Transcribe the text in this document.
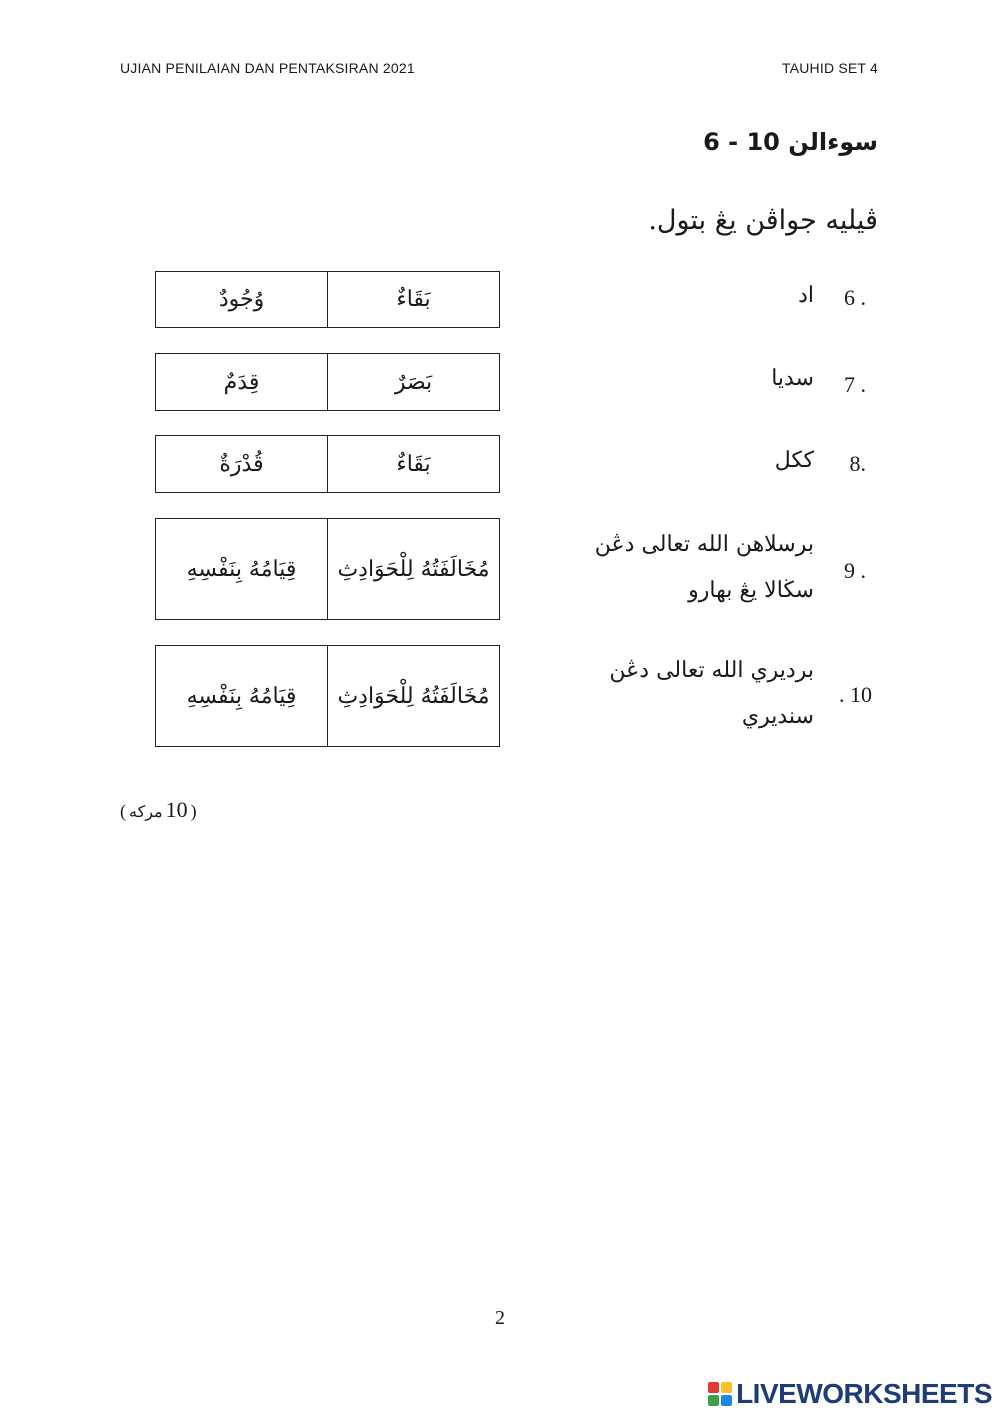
UJIAN PENILAIAN DAN PENTAKSIRAN 2021	TAUHID SET 4
سوءالن 10 - 6
ڤيليه جواڤن يڠ بتول.
6 .
اد
وُجُودٌ	بَقَاءٌ
7 .
سديا
قِدَمٌ	بَصَرٌ
8.
ككل
قُدْرَةٌ	بَقَاءٌ
9 .
برسلاهن الله تعالى دڠن
سڬالا يڠ بهارو
قِيَامُهُ بِنَفْسِهِ	مُخَالَفَتُهُ لِلْحَوَادِثِ
. 10
برديري الله تعالى دڠن
سنديري
قِيَامُهُ بِنَفْسِهِ	مُخَالَفَتُهُ لِلْحَوَادِثِ
( مركه 10 )
2
LIVEWORKSHEETS
